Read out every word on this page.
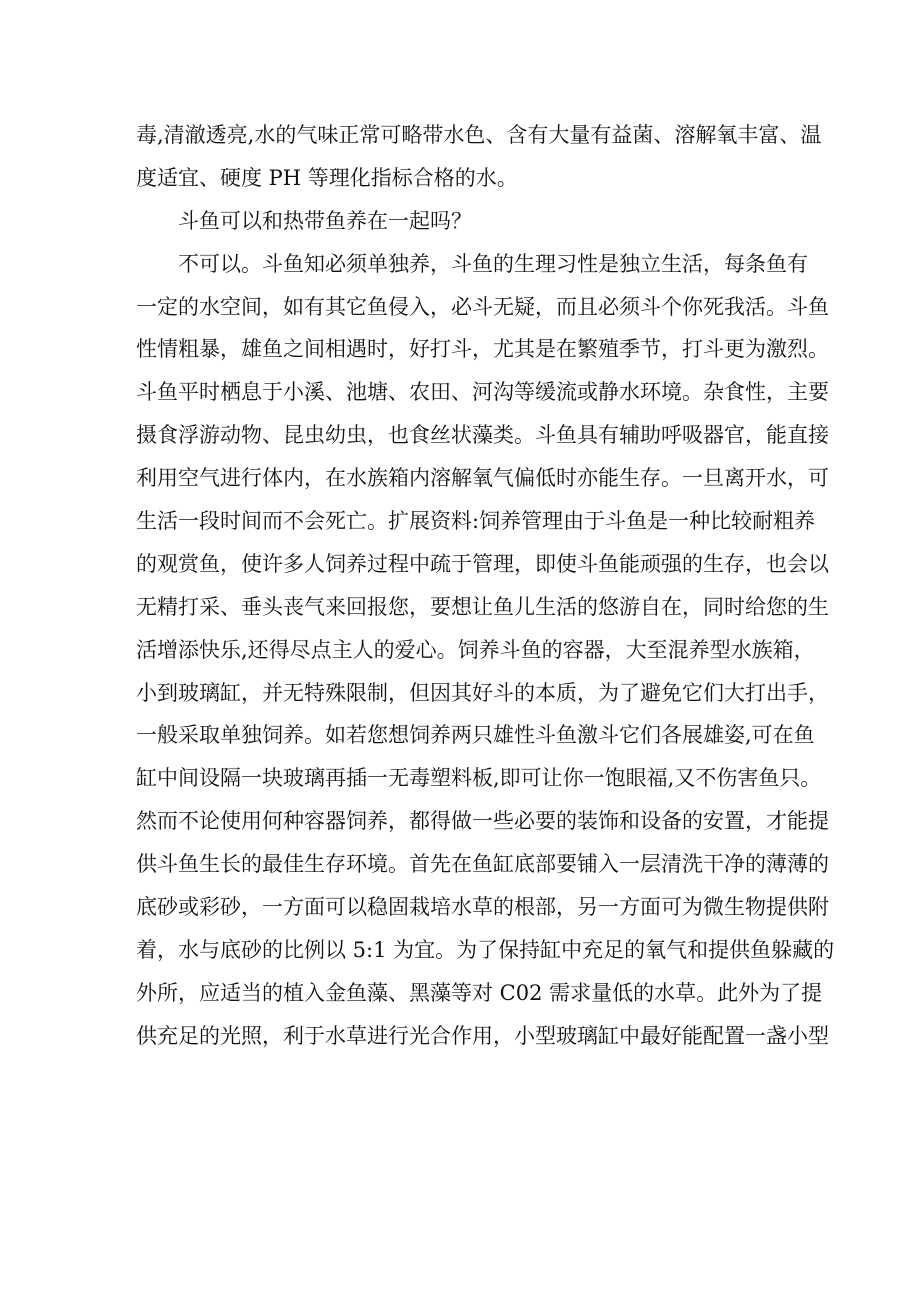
毒,清澈透亮,水的气味正常可略带水色、含有大量有益菌、溶解氧丰富、温
度适宜、硬度 PH 等理化指标合格的水。
斗鱼可以和热带鱼养在一起吗？
不可以。斗鱼知必须单独养，斗鱼的生理习性是独立生活，每条鱼有
一定的水空间，如有其它鱼侵入，必斗无疑，而且必须斗个你死我活。斗鱼
性情粗暴，雄鱼之间相遇时，好打斗，尤其是在繁殖季节，打斗更为激烈。
斗鱼平时栖息于小溪、池塘、农田、河沟等缓流或静水环境。杂食性，主要
摄食浮游动物、昆虫幼虫，也食丝状藻类。斗鱼具有辅助呼吸器官，能直接
利用空气进行体内，在水族箱内溶解氧气偏低时亦能生存。一旦离开水，可
生活一段时间而不会死亡。扩展资料:饲养管理由于斗鱼是一种比较耐粗养
的观赏鱼，使许多人饲养过程中疏于管理，即使斗鱼能顽强的生存，也会以
无精打采、垂头丧气来回报您，要想让鱼儿生活的悠游自在，同时给您的生
活增添快乐,还得尽点主人的爱心。饲养斗鱼的容器，大至混养型水族箱，
小到玻璃缸，并无特殊限制，但因其好斗的本质，为了避免它们大打出手，
一般采取单独饲养。如若您想饲养两只雄性斗鱼激斗它们各展雄姿,可在鱼
缸中间设隔一块玻璃再插一无毒塑料板,即可让你一饱眼福,又不伤害鱼只。
然而不论使用何种容器饲养，都得做一些必要的装饰和设备的安置，才能提
供斗鱼生长的最佳生存环境。首先在鱼缸底部要铺入一层清洗干净的薄薄的
底砂或彩砂，一方面可以稳固栽培水草的根部，另一方面可为微生物提供附
着，水与底砂的比例以 5:1 为宜。为了保持缸中充足的氧气和提供鱼躲藏的
外所，应适当的植入金鱼藻、黑藻等对 C02 需求量低的水草。此外为了提
供充足的光照，利于水草进行光合作用，小型玻璃缸中最好能配置一盏小型
